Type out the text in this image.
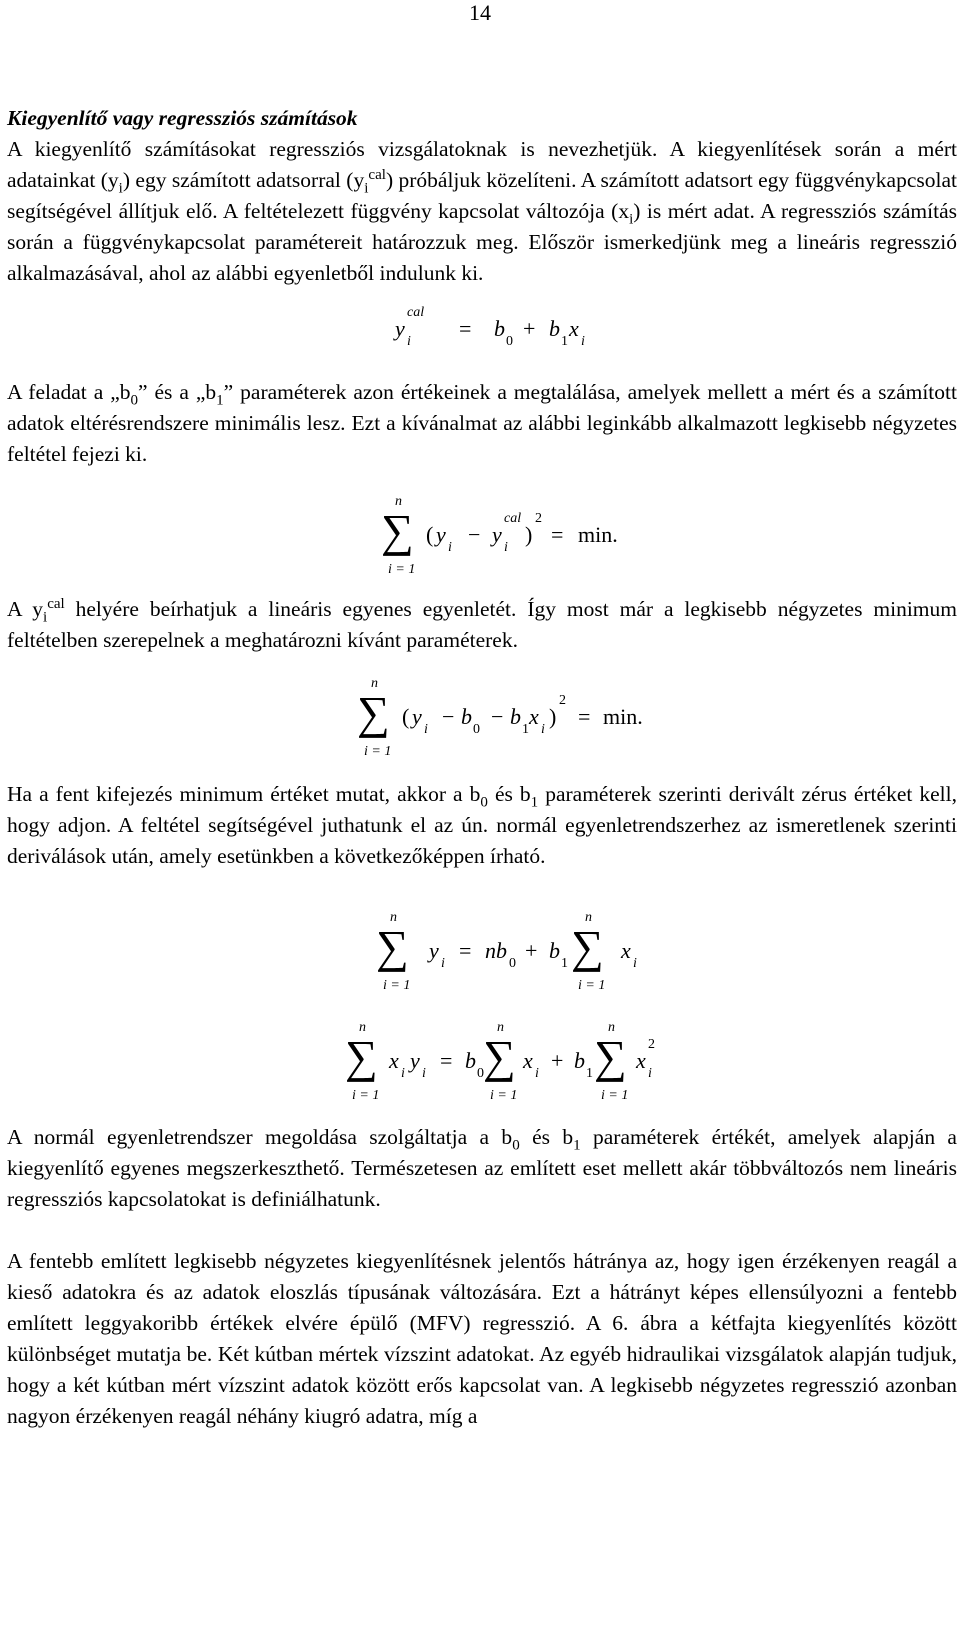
14
Kiegyenlítő vagy regressziós számítások
A kiegyenlítő számításokat regressziós vizsgálatoknak is nevezhetjük. A kiegyenlítések során a mért adatainkat $(y_i)$ egy számított adatsorral $(y_i^{cal})$ próbáljuk közelíteni. A számított adatsort egy függvénykapcsolat segítségével állítjuk elő. A feltételezett függvény kapcsolat változója $(x_i)$ is mért adat. A regressziós számítás során a függvénykapcsolat paramétereit határozzuk meg. Először ismerkedjünk meg a lineáris regresszió alkalmazásával, ahol az alábbi egyenletből indulunk ki.
y
i
cal
= b
0
+ b
1
x
i
A feladat a $„b_0$” és a $„b_1$” paraméterek azon értékeinek a megtalálása, amelyek mellett a mért és a számított adatok eltérésrendszere minimális lesz. Ezt a kívánalmat az alábbi leginkább alkalmazott legkisebb négyzetes feltétel fejezi ki.
n
∑
i = 1
( y
i
− y
i
cal
)
2
= min.
A $y_i^{cal}$ helyére beírhatjuk a lineáris egyenes egyenletét. Így most már a legkisebb négyzetes minimum feltételben szerepelnek a meghatározni kívánt paraméterek.
n
∑
i = 1
( y
i
− b
0
− b
1
x
i
)
2
= min.
Ha a fent kifejezés minimum értéket mutat, akkor a $b_0$ és $b_1$ paraméterek szerinti derivált zérus értéket kell, hogy adjon. A feltétel segítségével juthatunk el az ún. normál egyenletrendszerhez az ismeretlenek szerinti deriválások után, amely esetünkben a következőképpen írható.
n
∑
i = 1
y
i
= nb
0
+ b
1
n
∑
i = 1
x
i
n
∑
i = 1
x
i
y
i
= b
0
n
∑
i = 1
x
i
+ b
1
n
∑
i = 1
x
i
2
A normál egyenletrendszer megoldása szolgáltatja a $b_0$ és $b_1$ paraméterek értékét, amelyek alapján a kiegyenlítő egyenes megszerkeszthető. Természetesen az említett eset mellett akár többváltozós nem lineáris regressziós kapcsolatokat is definiálhatunk.
A fentebb említett legkisebb négyzetes kiegyenlítésnek jelentős hátránya az, hogy igen érzékenyen reagál a kieső adatokra és az adatok eloszlás típusának változására. Ezt a hátrányt képes ellensúlyozni a fentebb említett leggyakoribb értékek elvére épülő (MFV) regresszió. A 6. ábra a kétfajta kiegyenlítés között különbséget mutatja be. Két kútban mértek vízszint adatokat. Az egyéb hidraulikai vizsgálatok alapján tudjuk, hogy a két kútban mért vízszint adatok között erős kapcsolat van. A legkisebb négyzetes regresszió azonban nagyon érzékenyen reagál néhány kiugró adatra, míg a
